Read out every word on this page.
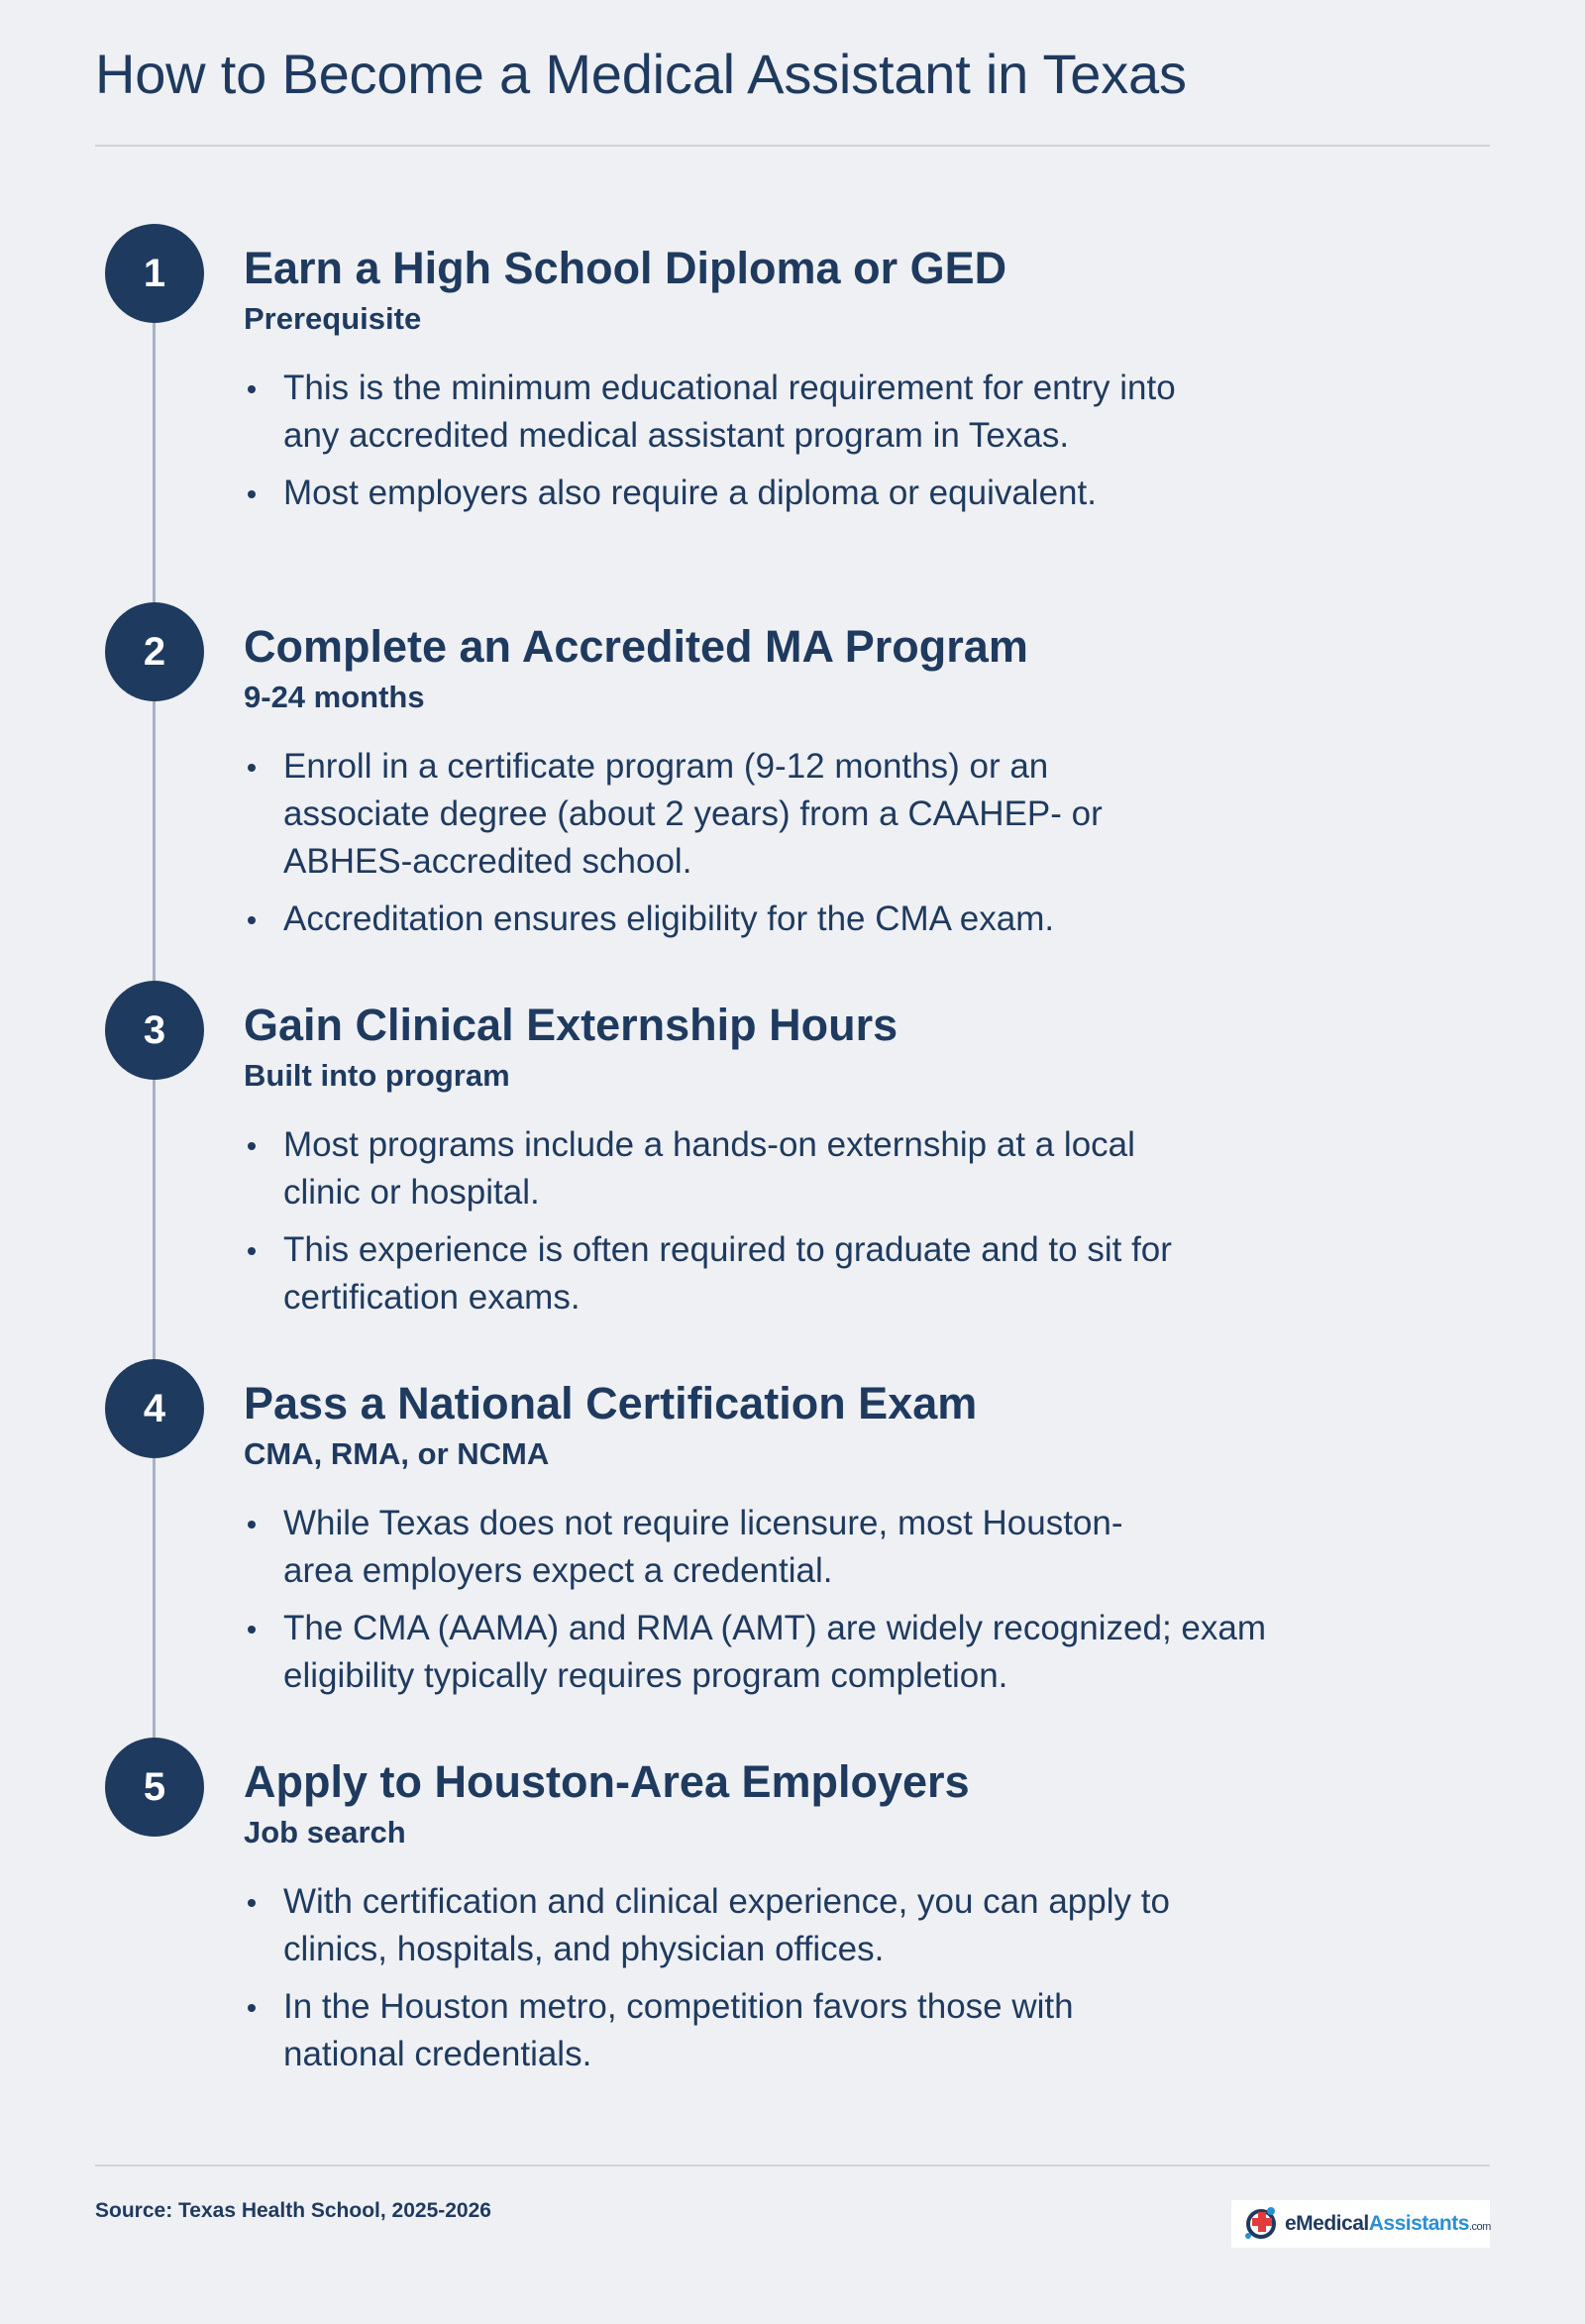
How to Become a Medical Assistant in Texas
1	Earn a High School Diploma or GED
Prerequisite
This is the minimum educational requirement for entry into any accredited medical assistant program in Texas.
Most employers also require a diploma or equivalent.
2	Complete an Accredited MA Program
9-24 months
Enroll in a certificate program (9-12 months) or an associate degree (about 2 years) from a CAAHEP- or ABHES-accredited school.
Accreditation ensures eligibility for the CMA exam.
3	Gain Clinical Externship Hours
Built into program
Most programs include a hands-on externship at a local clinic or hospital.
This experience is often required to graduate and to sit for certification exams.
4	Pass a National Certification Exam
CMA, RMA, or NCMA
While Texas does not require licensure, most Houston-area employers expect a credential.
The CMA (AAMA) and RMA (AMT) are widely recognized; exam eligibility typically requires program completion.
5	Apply to Houston-Area Employers
Job search
With certification and clinical experience, you can apply to clinics, hospitals, and physician offices.
In the Houston metro, competition favors those with national credentials.
Source: Texas Health School, 2025-2026
eMedicalAssistants.com
